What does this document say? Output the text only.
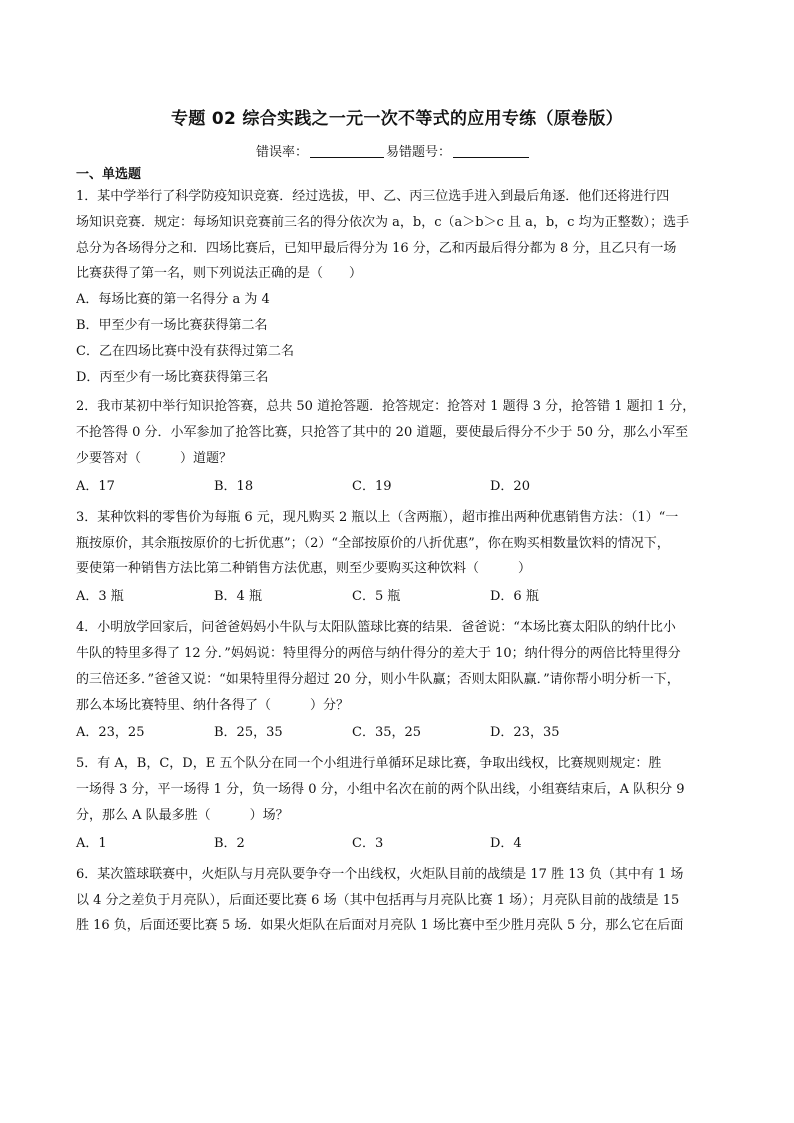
专题 02 综合实践之一元一次不等式的应用专练（原卷版）
错误率：	易错题号：
一、单选题
1．某中学举行了科学防疫知识竞赛．经过选拔，甲、乙、丙三位选手进入到最后角逐．他们还将进行四
场知识竞赛．规定：每场知识竞赛前三名的得分依次为 a，b，c（a＞b＞c 且 a，b，c 均为正整数）；选手
总分为各场得分之和．四场比赛后，已知甲最后得分为 16 分，乙和丙最后得分都为 8 分，且乙只有一场
比赛获得了第一名，则下列说法正确的是（　　）
A．每场比赛的第一名得分 a 为 4
B．甲至少有一场比赛获得第二名
C．乙在四场比赛中没有获得过第二名
D．丙至少有一场比赛获得第三名
2．我市某初中举行知识抢答赛，总共 50 道抢答题．抢答规定：抢答对 1 题得 3 分，抢答错 1 题扣 1 分，
不抢答得 0 分．小军参加了抢答比赛，只抢答了其中的 20 道题，要使最后得分不少于 50 分，那么小军至
少要答对（　　　）道题？
A．17	B．18	C．19	D．20
3．某种饮料的零售价为每瓶 6 元，现凡购买 2 瓶以上（含两瓶），超市推出两种优惠销售方法：（1）“一
瓶按原价，其余瓶按原价的七折优惠”；（2）“全部按原价的八折优惠”，你在购买相数量饮料的情况下，
要使第一种销售方法比第二种销售方法优惠，则至少要购买这种饮料（　　　）
A．3 瓶	B．4 瓶	C．5 瓶	D．6 瓶
4．小明放学回家后，问爸爸妈妈小牛队与太阳队篮球比赛的结果．爸爸说：“本场比赛太阳队的纳什比小
牛队的特里多得了 12 分．”妈妈说：特里得分的两倍与纳什得分的差大于 10；纳什得分的两倍比特里得分
的三倍还多．”爸爸又说：“如果特里得分超过 20 分，则小牛队赢；否则太阳队赢．”请你帮小明分析一下，
那么本场比赛特里、纳什各得了（　　　）分？
A．23，25	B．25，35	C．35，25	D．23，35
5．有 A，B，C，D，E 五个队分在同一个小组进行单循环足球比赛，争取出线权，比赛规则规定：胜
一场得 3 分，平一场得 1 分，负一场得 0 分，小组中名次在前的两个队出线，小组赛结束后，A 队积分 9
分，那么 A 队最多胜（　　　）场？
A．1	B．2	C．3	D．4
6．某次篮球联赛中，火炬队与月亮队要争夺一个出线权，火炬队目前的战绩是 17 胜 13 负（其中有 1 场
以 4 分之差负于月亮队），后面还要比赛 6 场（其中包括再与月亮队比赛 1 场）；月亮队目前的战绩是 15
胜 16 负，后面还要比赛 5 场．如果火炬队在后面对月亮队 1 场比赛中至少胜月亮队 5 分，那么它在后面
